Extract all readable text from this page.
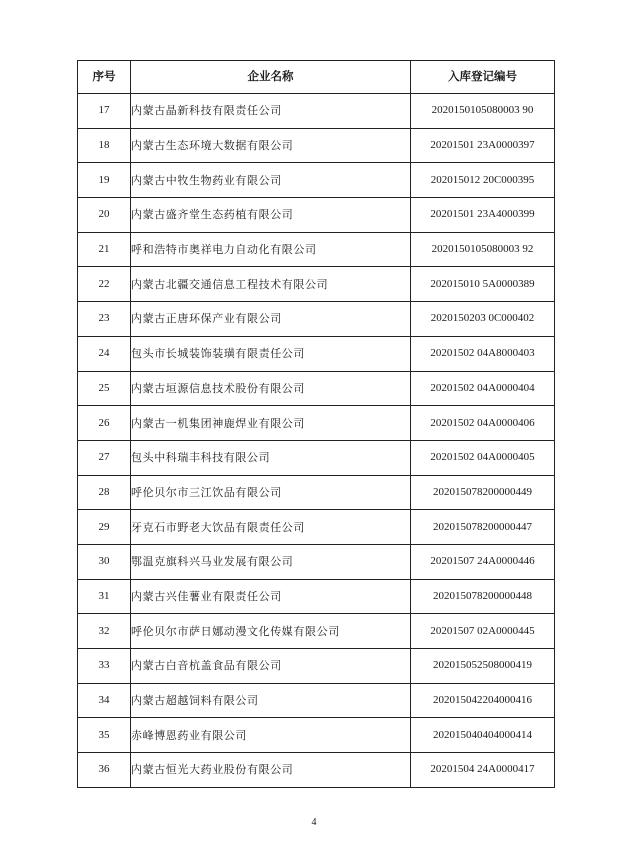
序号	企业名称	入库登记编号
17	内蒙古晶新科技有限责任公司	2020150105080003 90
18	内蒙古生态环境大数据有限公司	20201501 23A0000397
19	内蒙古中牧生物药业有限公司	202015012 20C000395
20	内蒙古盛齐堂生态药植有限公司	20201501 23A4000399
21	呼和浩特市奥祥电力自动化有限公司	2020150105080003 92
22	内蒙古北疆交通信息工程技术有限公司	202015010 5A0000389
23	内蒙古正唐环保产业有限公司	2020150203 0C000402
24	包头市长城装饰装璜有限责任公司	20201502 04A8000403
25	内蒙古垣源信息技术股份有限公司	20201502 04A0000404
26	内蒙古一机集团神鹿焊业有限公司	20201502 04A0000406
27	包头中科瑞丰科技有限公司	20201502 04A0000405
28	呼伦贝尔市三江饮品有限公司	202015078200000449
29	牙克石市野老大饮品有限责任公司	202015078200000447
30	鄂温克旗科兴马业发展有限公司	20201507 24A0000446
31	内蒙古兴佳薯业有限责任公司	202015078200000448
32	呼伦贝尔市萨日娜动漫文化传媒有限公司	20201507 02A0000445
33	内蒙古白音杭盖食品有限公司	202015052508000419
34	内蒙古超越饲料有限公司	202015042204000416
35	赤峰博恩药业有限公司	202015040404000414
36	内蒙古恒光大药业股份有限公司	20201504 24A0000417
4
